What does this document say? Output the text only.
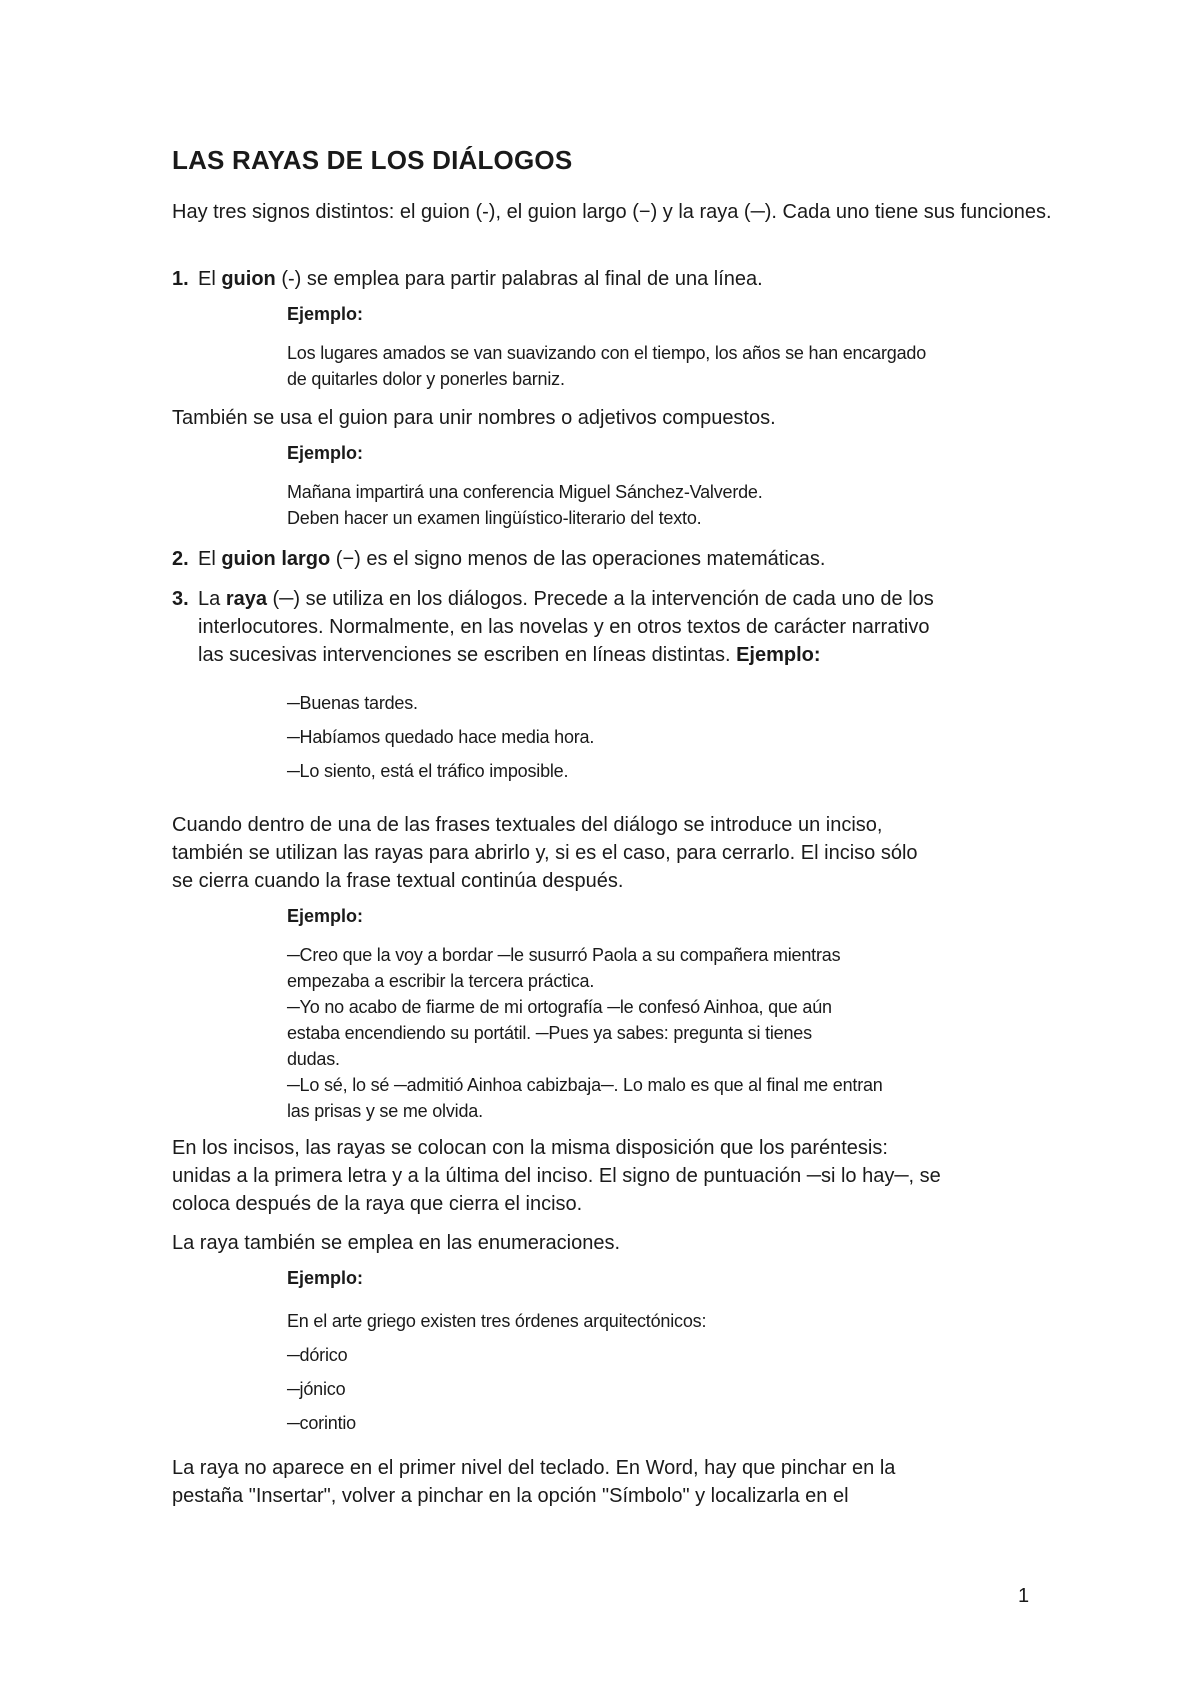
LAS RAYAS DE LOS DIÁLOGOS

Hay tres signos distintos: el guion (-), el guion largo (−) y la raya (─). Cada uno tiene sus funciones.

1. El guion (-) se emplea para partir palabras al final de una línea.

Ejemplo:

Los lugares amados se van suavizando con el tiempo, los años se han encargado
de quitarles dolor y ponerles barniz.

También se usa el guion para unir nombres o adjetivos compuestos.

Ejemplo:

Mañana impartirá una conferencia Miguel Sánchez-Valverde.
Deben hacer un examen lingüístico-literario del texto.

2. El guion largo (−) es el signo menos de las operaciones matemáticas.
3. La raya (─) se utiliza en los diálogos. Precede a la intervención de cada uno de los
interlocutores. Normalmente, en las novelas y en otros textos de carácter narrativo
las sucesivas intervenciones se escriben en líneas distintas. Ejemplo:

─Buenas tardes.
─Habíamos quedado hace media hora.
─Lo siento, está el tráfico imposible.

Cuando dentro de una de las frases textuales del diálogo se introduce un inciso,
también se utilizan las rayas para abrirlo y, si es el caso, para cerrarlo. El inciso sólo
se cierra cuando la frase textual continúa después.

Ejemplo:

─Creo que la voy a bordar ─le susurró Paola a su compañera mientras
empezaba a escribir la tercera práctica.
─Yo no acabo de fiarme de mi ortografía ─le confesó Ainhoa, que aún
estaba encendiendo su portátil. ─Pues ya sabes: pregunta si tienes
dudas.
─Lo sé, lo sé ─admitió Ainhoa cabizbaja─. Lo malo es que al final me entran
las prisas y se me olvida.

En los incisos, las rayas se colocan con la misma disposición que los paréntesis:
unidas a la primera letra y a la última del inciso. El signo de puntuación ─si lo hay─, se
coloca después de la raya que cierra el inciso.

La raya también se emplea en las enumeraciones.

Ejemplo:

En el arte griego existen tres órdenes arquitectónicos:
─dórico
─jónico
─corintio

La raya no aparece en el primer nivel del teclado. En Word, hay que pinchar en la
pestaña "Insertar", volver a pinchar en la opción "Símbolo" y localizarla en el

1
